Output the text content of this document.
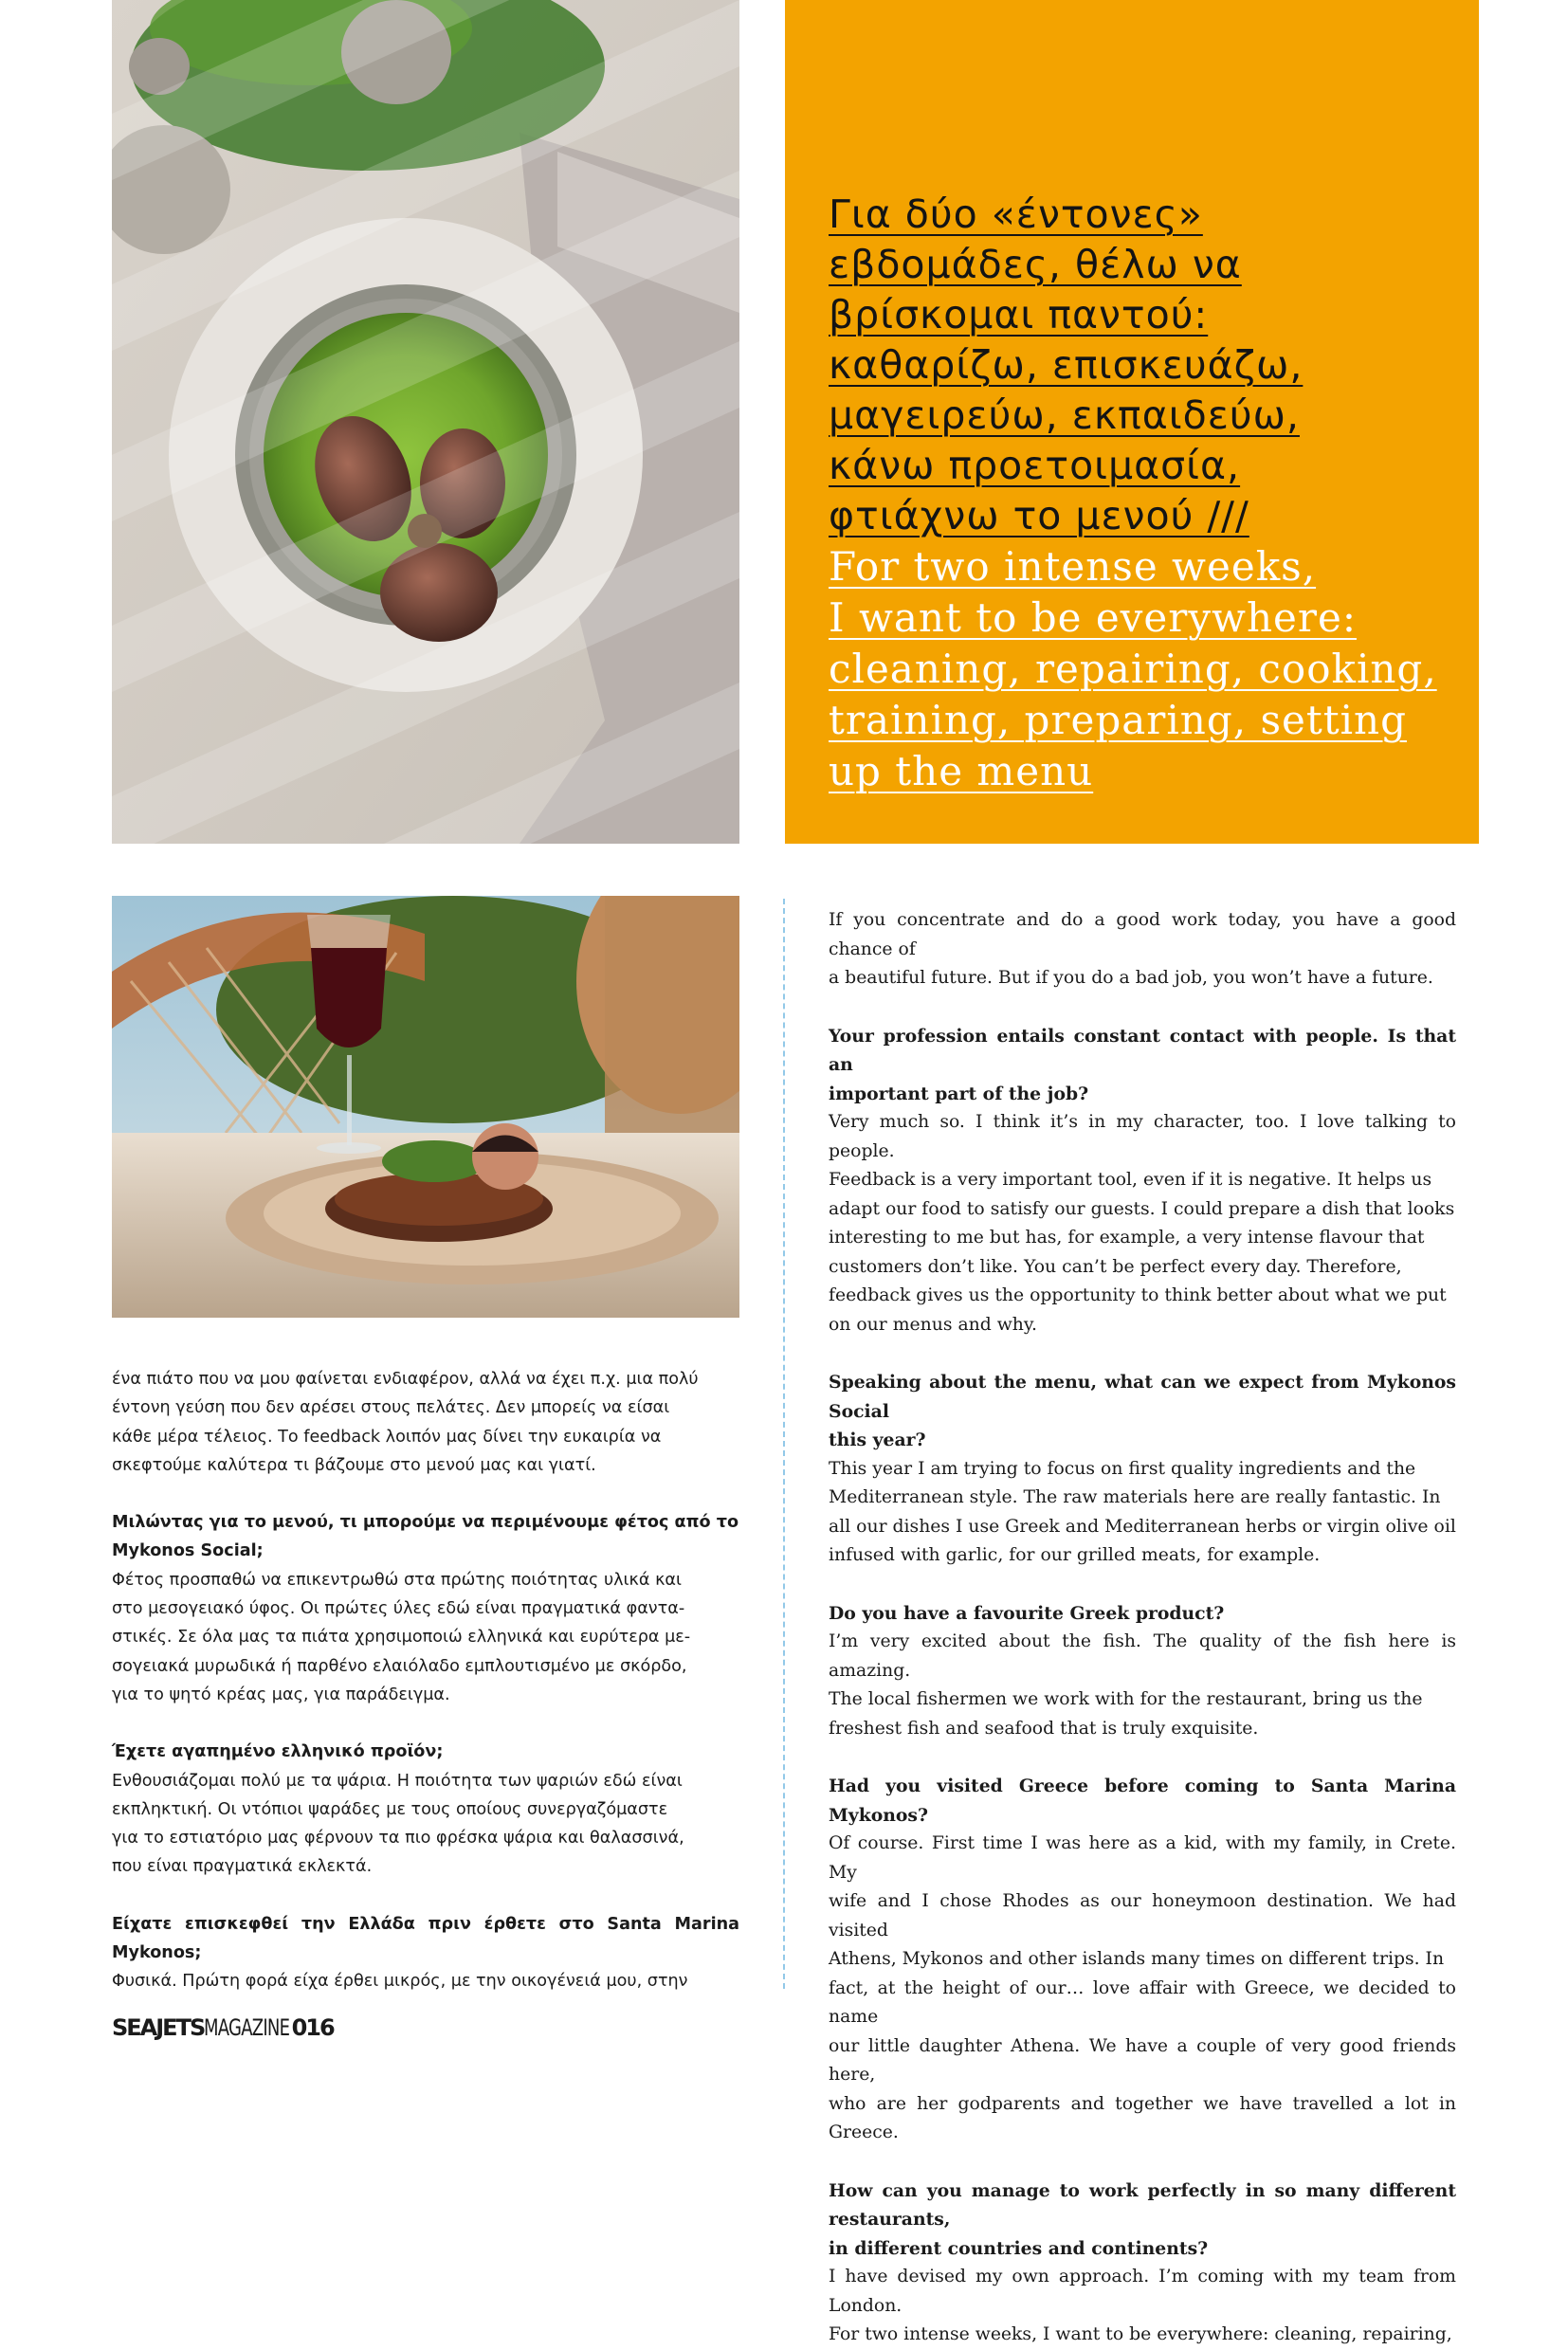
Για δύο «έντονες»
εβδομάδες, θέλω να
βρίσκομαι παντού:
καθαρίζω, επισκευάζω,
μαγειρεύω, εκπαιδεύω,
κάνω προετοιμασία,
φτιάχνω το μενού ///
For two intense weeks,
I want to be everywhere:
cleaning, repairing, cooking,
training, preparing, setting
up the menu

ένα πιάτο που να μου φαίνεται ενδιαφέρον, αλλά να έχει π.χ. μια πολύ

έντονη γεύση που δεν αρέσει στους πελάτες. Δεν μπορείς να είσαι

κάθε μέρα τέλειος. Το feedback λοιπόν μας δίνει την ευκαιρία να

σκεφτούμε καλύτερα τι βάζουμε στο μενού μας και γιατί.

Μιλώντας για το μενού, τι μπορούμε να περιμένουμε φέτος από το

Mykonos Social;

Φέτος προσπαθώ να επικεντρωθώ στα πρώτης ποιότητας υλικά και

στο μεσογειακό ύφος. Οι πρώτες ύλες εδώ είναι πραγματικά φαντα-

στικές. Σε όλα μας τα πιάτα χρησιμοποιώ ελληνικά και ευρύτερα με-

σογειακά μυρωδικά ή παρθένο ελαιόλαδο εμπλουτισμένο με σκόρδο,

για το ψητό κρέας μας, για παράδειγμα.

Έχετε αγαπημένο ελληνικό προϊόν;

Ενθουσιάζομαι πολύ με τα ψάρια. Η ποιότητα των ψαριών εδώ είναι

εκπληκτική. Οι ντόπιοι ψαράδες με τους οποίους συνεργαζόμαστε

για το εστιατόριο μας φέρνουν τα πιο φρέσκα ψάρια και θαλασσινά,

που είναι πραγματικά εκλεκτά.

Είχατε επισκεφθεί την Ελλάδα πριν έρθετε στο Santa Marina Mykonos;

Φυσικά. Πρώτη φορά είχα έρθει μικρός, με την οικογένειά μου, στην

If you concentrate and do a good work today, you have a good chance of

a beautiful future. But if you do a bad job, you won’t have a future.

Your profession entails constant contact with people. Is that an

important part of the job?

Very much so. I think it’s in my character, too. I love talking to people.

Feedback is a very important tool, even if it is negative. It helps us

adapt our food to satisfy our guests. I could prepare a dish that looks

interesting to me but has, for example, a very intense flavour that

customers don’t like. You can’t be perfect every day. Therefore,

feedback gives us the opportunity to think better about what we put

on our menus and why.

Speaking about the menu, what can we expect from Mykonos Social

this year?

This year I am trying to focus on first quality ingredients and the

Mediterranean style. The raw materials here are really fantastic. In

all our dishes I use Greek and Mediterranean herbs or virgin olive oil

infused with garlic, for our grilled meats, for example.

Do you have a favourite Greek product?

I’m very excited about the fish. The quality of the fish here is amazing.

The local fishermen we work with for the restaurant, bring us the

freshest fish and seafood that is truly exquisite.

Had you visited Greece before coming to Santa Marina Mykonos?

Of course. First time I was here as a kid, with my family, in Crete. My

wife and I chose Rhodes as our honeymoon destination. We had visited

Athens, Mykonos and other islands many times on different trips. In

fact, at the height of our… love affair with Greece, we decided to name

our little daughter Athena. We have a couple of very good friends here,

who are her godparents and together we have travelled a lot in Greece.

How can you manage to work perfectly in so many different restaurants,

in different countries and continents?

I have devised my own approach. I’m coming with my team from London.

For two intense weeks, I want to be everywhere: cleaning, repairing,

SEAJETSMAGAZINE016
